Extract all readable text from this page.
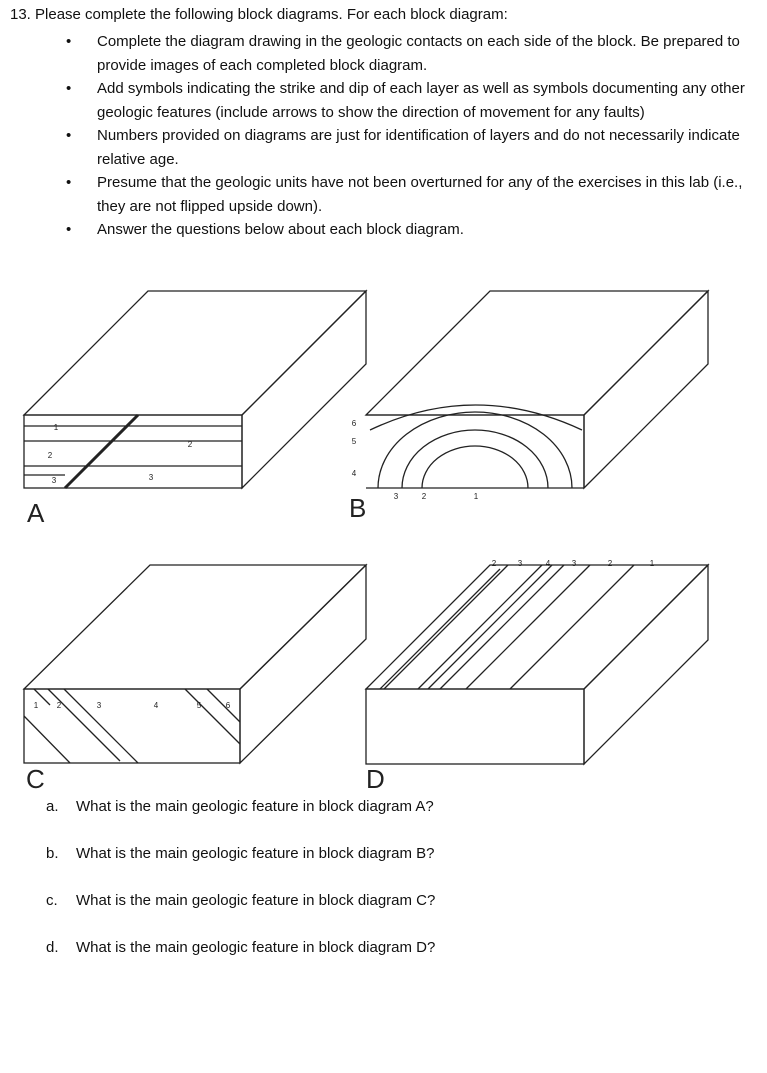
13. Please complete the following block diagrams. For each block diagram:
• Complete the diagram drawing in the geologic contacts on each side of the block. Be prepared to provide images of each completed block diagram.
• Add symbols indicating the strike and dip of each layer as well as symbols documenting any other geologic features (include arrows to show the direction of movement for any faults)
• Numbers provided on diagrams are just for identification of layers and do not necessarily indicate relative age.
• Presume that the geologic units have not been overturned for any of the exercises in this lab (i.e., they are not flipped upside down).
• Answer the questions below about each block diagram.
1
2
2
3	3
A
6
5
4
3	2	1
B
1 2	3	4	5	6
C
2	3	4	3	2	1
D
a. What is the main geologic feature in block diagram A?
b. What is the main geologic feature in block diagram B?
c. What is the main geologic feature in block diagram C?
d. What is the main geologic feature in block diagram D?
